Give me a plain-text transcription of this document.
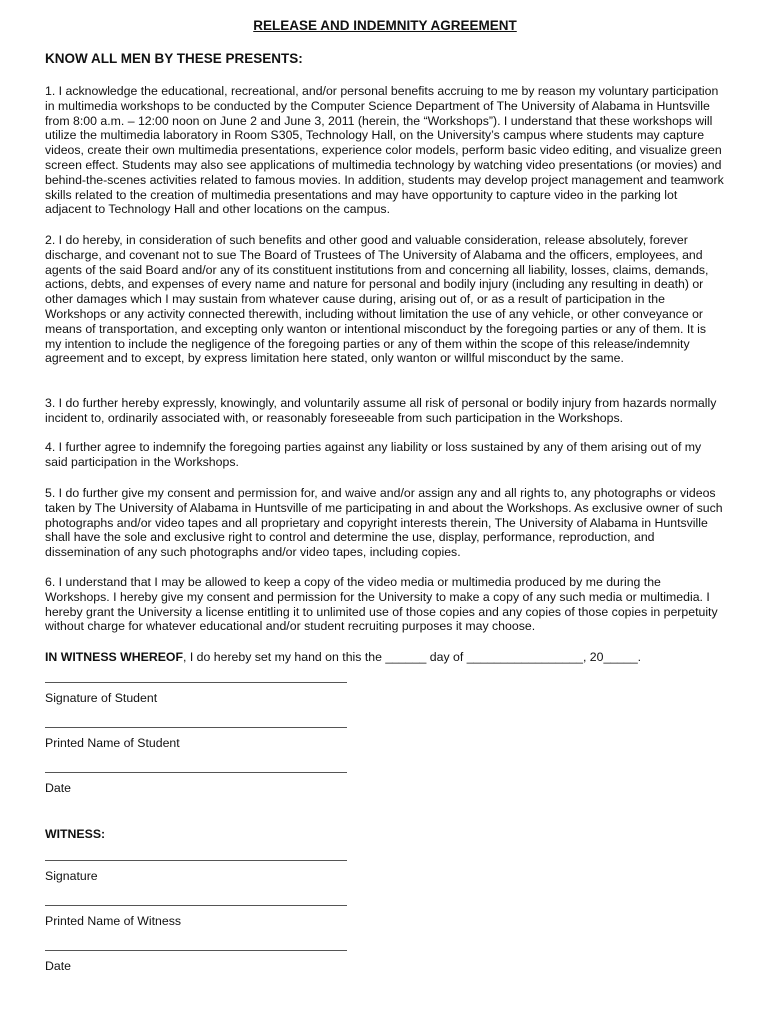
RELEASE AND INDEMNITY AGREEMENT
KNOW ALL MEN BY THESE PRESENTS:

1. I acknowledge the educational, recreational, and/or personal benefits accruing to me by reason my voluntary participation in multimedia workshops to be conducted by the Computer Science Department of The University of Alabama in Huntsville from 8:00 a.m. – 12:00 noon on June 2 and June 3, 2011 (herein, the “Workshops”). I understand that these workshops will utilize the multimedia laboratory in Room S305, Technology Hall, on the University’s campus where students may capture videos, create their own multimedia presentations, experience color models, perform basic video editing, and visualize green screen effect. Students may also see applications of multimedia technology by watching video presentations (or movies) and behind-the-scenes activities related to famous movies. In addition, students may develop project management and teamwork skills related to the creation of multimedia presentations and may have opportunity to capture video in the parking lot adjacent to Technology Hall and other locations on the campus.

2. I do hereby, in consideration of such benefits and other good and valuable consideration, release absolutely, forever discharge, and covenant not to sue The Board of Trustees of The University of Alabama and the officers, employees, and agents of the said Board and/or any of its constituent institutions from and concerning all liability, losses, claims, demands, actions, debts, and expenses of every name and nature for personal and bodily injury (including any resulting in death) or other damages which I may sustain from whatever cause during, arising out of, or as a result of participation in the Workshops or any activity connected therewith, including without limitation the use of any vehicle, or other conveyance or means of transportation, and excepting only wanton or intentional misconduct by the foregoing parties or any of them. It is my intention to include the negligence of the foregoing parties or any of them within the scope of this release/indemnity agreement and to except, by express limitation here stated, only wanton or willful misconduct by the same.

3. I do further hereby expressly, knowingly, and voluntarily assume all risk of personal or bodily injury from hazards normally incident to, ordinarily associated with, or reasonably foreseeable from such participation in the Workshops.

4. I further agree to indemnify the foregoing parties against any liability or loss sustained by any of them arising out of my said participation in the Workshops.

5. I do further give my consent and permission for, and waive and/or assign any and all rights to, any photographs or videos taken by The University of Alabama in Huntsville of me participating in and about the Workshops. As exclusive owner of such photographs and/or video tapes and all proprietary and copyright interests therein, The University of Alabama in Huntsville shall have the sole and exclusive right to control and determine the use, display, performance, reproduction, and dissemination of any such photographs and/or video tapes, including copies.

6. I understand that I may be allowed to keep a copy of the video media or multimedia produced by me during the Workshops. I hereby give my consent and permission for the University to make a copy of any such media or multimedia. I hereby grant the University a license entitling it to unlimited use of those copies and any copies of those copies in perpetuity without charge for whatever educational and/or student recruiting purposes it may choose.

IN WITNESS WHEREOF, I do hereby set my hand on this the ______ day of _________________, 20_____.

Signature of Student
Printed Name of Student
Date
WITNESS:
Signature
Printed Name of Witness
Date
